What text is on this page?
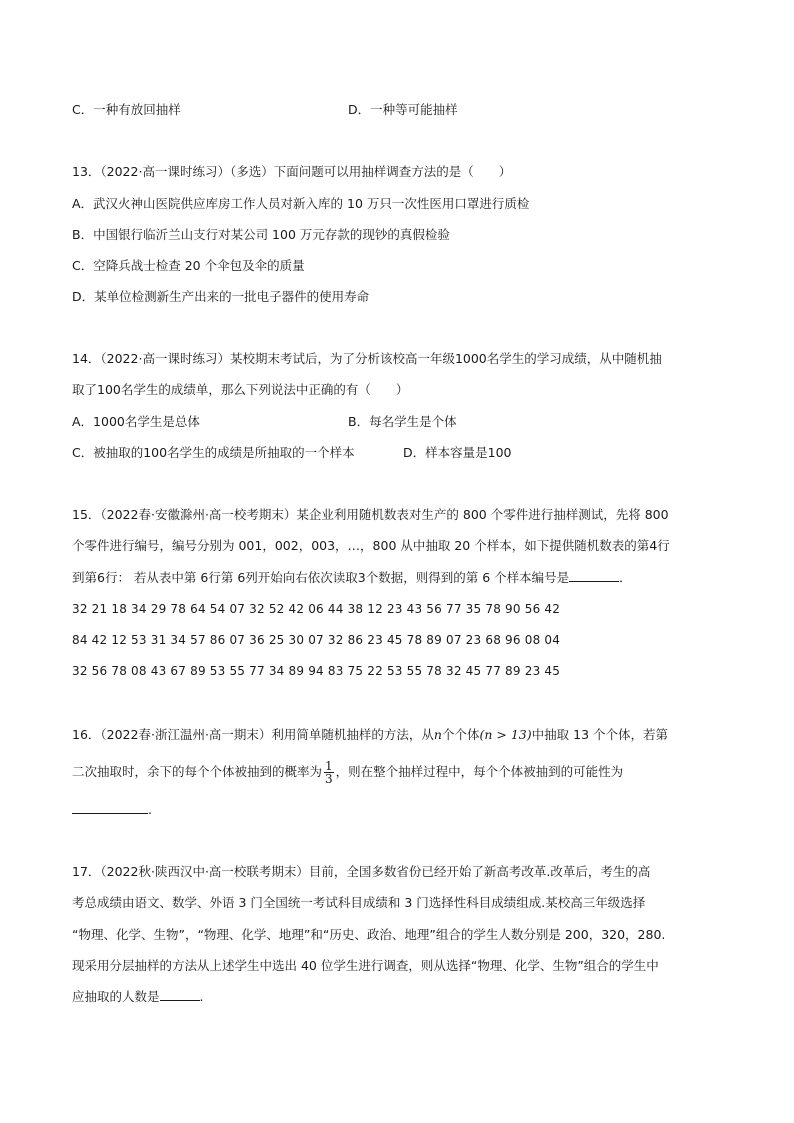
C．一种有放回抽样	D．一种等可能抽样
13．（2022·高一课时练习）（多选）下面问题可以用抽样调查方法的是（　　）
A．武汉火神山医院供应库房工作人员对新入库的 10 万只一次性医用口罩进行质检
B．中国银行临沂兰山支行对某公司 100 万元存款的现钞的真假检验
C．空降兵战士检查 20 个伞包及伞的质量
D．某单位检测新生产出来的一批电子器件的使用寿命
14．（2022·高一课时练习）某校期末考试后，为了分析该校高一年级1000名学生的学习成绩，从中随机抽
取了100名学生的成绩单，那么下列说法中正确的有（　　）
A．1000名学生是总体	B．每名学生是个体
C．被抽取的100名学生的成绩是所抽取的一个样本	D．样本容量是100
15．（2022春·安徽滁州·高一校考期末）某企业利用随机数表对生产的 800 个零件进行抽样测试，先将 800
个零件进行编号，编号分别为 001，002，003，…，800 从中抽取 20 个样本，如下提供随机数表的第4行
到第6行： 若从表中第 6行第 6列开始向右依次读取3个数据，则得到的第 6 个样本编号是	．
32 21 18 34 29 78 64 54 07 32 52 42 06 44 38 12 23 43 56 77 35 78 90 56 42
84 42 12 53 31 34 57 86 07 36 25 30 07 32 86 23 45 78 89 07 23 68 96 08 04
32 56 78 08 43 67 89 53 55 77 34 89 94 83 75 22 53 55 78 32 45 77 89 23 45
16．（2022春·浙江温州·高一期末）利用简单随机抽样的方法，从n个个体(n > 13)中抽取 13 个个体，若第
二次抽取时，余下的每个个体被抽到的概率为 $\frac{1}{3}$ ，则在整个抽样过程中，每个个体被抽到的可能性为
.
17．（2022秋·陕西汉中·高一校联考期末）目前，全国多数省份已经开始了新高考改革.改革后，考生的高
考总成绩由语文、数学、外语 3 门全国统一考试科目成绩和 3 门选择性科目成绩组成.某校高三年级选择
“物理、化学、生物”，“物理、化学、地理”和“历史、政治、地理”组合的学生人数分别是 200，320，280.
现采用分层抽样的方法从上述学生中选出 40 位学生进行调查，则从选择“物理、化学、生物”组合的学生中
应抽取的人数是	.
